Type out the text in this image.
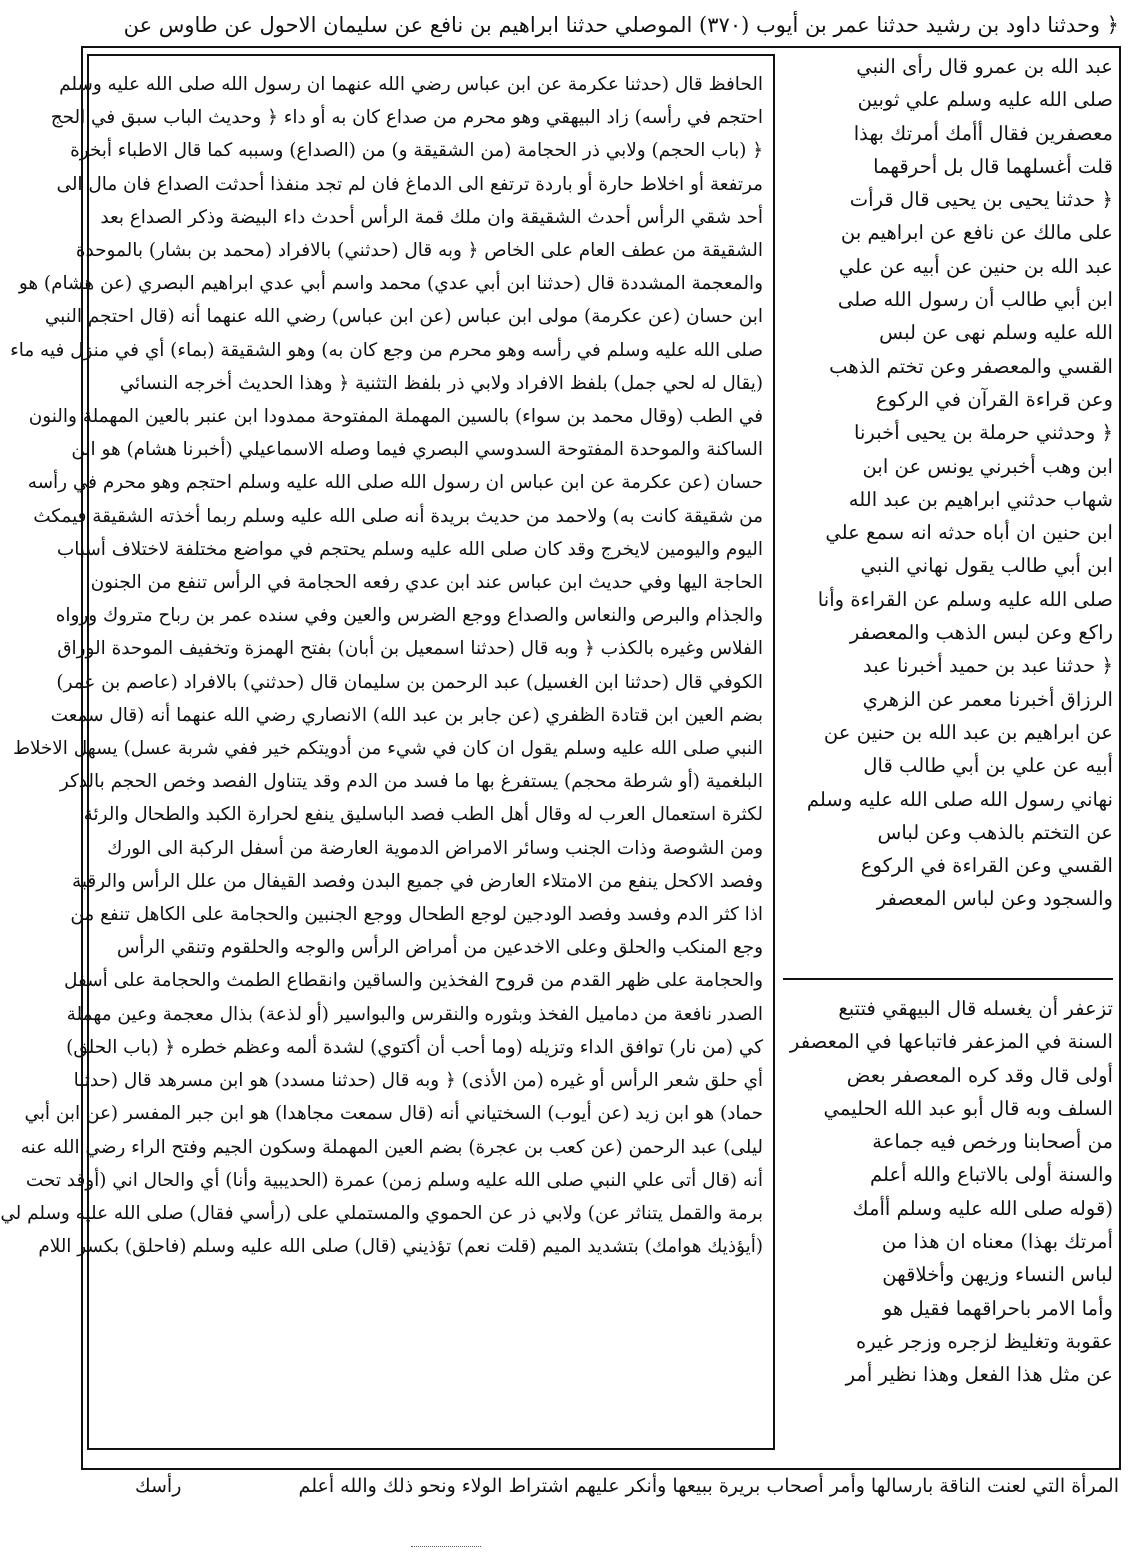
﴿ وحدثنا داود بن رشيد حدثنا عمر بن أيوب (٣٧٠) الموصلي حدثنا ابراهيم بن نافع عن سليمان الاحول عن طاوس عن

الحافظ قال (حدثنا عكرمة عن ابن عباس رضي الله عنهما ان رسول الله صلى الله عليه وسلم

احتجم في رأسه) زاد البيهقي وهو محرم من صداع كان به أو داء ﴿ وحديث الباب سبق في الحج

﴿ (باب الحجم) ولابي ذر الحجامة (من الشقيقة و) من (الصداع) وسببه كما قال الاطباء أبخرة

مرتفعة أو اخلاط حارة أو باردة ترتفع الى الدماغ فان لم تجد منفذا أحدثت الصداع فان مال الى

أحد شقي الرأس أحدث الشقيقة وان ملك قمة الرأس أحدث داء البيضة وذكر الصداع بعد

الشقيقة من عطف العام على الخاص ﴿ وبه قال (حدثني) بالافراد (محمد بن بشار) بالموحدة

والمعجمة المشددة قال (حدثنا ابن أبي عدي) محمد واسم أبي عدي ابراهيم البصري (عن هشام) هو

ابن حسان (عن عكرمة) مولى ابن عباس (عن ابن عباس) رضي الله عنهما أنه (قال احتجم النبي

صلى الله عليه وسلم في رأسه وهو محرم من وجع كان به) وهو الشقيقة (بماء) أي في منزل فيه ماء

(يقال له لحي جمل) بلفظ الافراد ولابي ذر بلفظ التثنية ﴿ وهذا الحديث أخرجه النسائي

في الطب (وقال محمد بن سواء) بالسين المهملة المفتوحة ممدودا ابن عنبر بالعين المهملة والنون

الساكنة والموحدة المفتوحة السدوسي البصري فيما وصله الاسماعيلي (أخبرنا هشام) هو ابن

حسان (عن عكرمة عن ابن عباس ان رسول الله صلى الله عليه وسلم احتجم وهو محرم في رأسه

من شقيقة كانت به) ولاحمد من حديث بريدة أنه صلى الله عليه وسلم ربما أخذته الشقيقة فيمكث

اليوم واليومين لايخرج وقد كان صلى الله عليه وسلم يحتجم في مواضع مختلفة لاختلاف أسباب

الحاجة اليها وفي حديث ابن عباس عند ابن عدي رفعه الحجامة في الرأس تنفع من الجنون

والجذام والبرص والنعاس والصداع ووجع الضرس والعين وفي سنده عمر بن رباح متروك ورواه

الفلاس وغيره بالكذب ﴿ وبه قال (حدثنا اسمعيل بن أبان) بفتح الهمزة وتخفيف الموحدة الوراق

الكوفي قال (حدثنا ابن الغسيل) عبد الرحمن بن سليمان قال (حدثني) بالافراد (عاصم بن عمر)

بضم العين ابن قتادة الظفري (عن جابر بن عبد الله) الانصاري رضي الله عنهما أنه (قال سمعت

النبي صلى الله عليه وسلم يقول ان كان في شيء من أدويتكم خير ففي شربة عسل) يسهل الاخلاط

البلغمية (أو شرطة محجم) يستفرغ بها ما فسد من الدم وقد يتناول الفصد وخص الحجم بالذكر

لكثرة استعمال العرب له وقال أهل الطب فصد الباسليق ينفع لحرارة الكبد والطحال والرئة

ومن الشوصة وذات الجنب وسائر الامراض الدموية العارضة من أسفل الركبة الى الورك

وفصد الاكحل ينفع من الامتلاء العارض في جميع البدن وفصد القيفال من علل الرأس والرقبة

اذا كثر الدم وفسد وفصد الودجين لوجع الطحال ووجع الجنبين والحجامة على الكاهل تنفع من

وجع المنكب والحلق وعلى الاخدعين من أمراض الرأس والوجه والحلقوم وتنقي الرأس

والحجامة على ظهر القدم من قروح الفخذين والساقين وانقطاع الطمث والحجامة على أسفل

الصدر نافعة من دماميل الفخذ وبثوره والنقرس والبواسير (أو لذعة) بذال معجمة وعين مهملة

كي (من نار) توافق الداء وتزيله (وما أحب أن أكتوي) لشدة ألمه وعظم خطره ﴿ (باب الحلق)

أي حلق شعر الرأس أو غيره (من الأذى) ﴿ وبه قال (حدثنا مسدد) هو ابن مسرهد قال (حدثنا

حماد) هو ابن زيد (عن أيوب) السختياني أنه (قال سمعت مجاهدا) هو ابن جبر المفسر (عن ابن أبي

ليلى) عبد الرحمن (عن كعب بن عجرة) بضم العين المهملة وسكون الجيم وفتح الراء رضي الله عنه

أنه (قال أتى علي النبي صلى الله عليه وسلم زمن) عمرة (الحديبية وأنا) أي والحال اني (أوقد تحت

برمة والقمل يتناثر عن) ولابي ذر عن الحموي والمستملي على (رأسي فقال) صلى الله عليه وسلم لي

(أيؤذيك هوامك) بتشديد الميم (قلت نعم) تؤذيني (قال) صلى الله عليه وسلم (فاحلق) بكسر اللام

عبد الله بن عمرو قال رأى النبي

صلى الله عليه وسلم علي ثوبين

معصفرين فقال أأمك أمرتك بهذا

قلت أغسلهما قال بل أحرقهما

﴿ حدثنا يحيى بن يحيى قال قرأت

على مالك عن نافع عن ابراهيم بن

عبد الله بن حنين عن أبيه عن علي

ابن أبي طالب أن رسول الله صلى

الله عليه وسلم نهى عن لبس

القسي والمعصفر وعن تختم الذهب

وعن قراءة القرآن في الركوع

﴿ وحدثني حرملة بن يحيى أخبرنا

ابن وهب أخبرني يونس عن ابن

شهاب حدثني ابراهيم بن عبد الله

ابن حنين ان أباه حدثه انه سمع علي

ابن أبي طالب يقول نهاني النبي

صلى الله عليه وسلم عن القراءة وأنا

راكع وعن لبس الذهب والمعصفر

﴿ حدثنا عبد بن حميد أخبرنا عبد

الرزاق أخبرنا معمر عن الزهري

عن ابراهيم بن عبد الله بن حنين عن

أبيه عن علي بن أبي طالب قال

نهاني رسول الله صلى الله عليه وسلم

عن التختم بالذهب وعن لباس

القسي وعن القراءة في الركوع

والسجود وعن لباس المعصفر

تزعفر أن يغسله قال البيهقي فتتبع

السنة في المزعفر فاتباعها في المعصفر

أولى قال وقد كره المعصفر بعض

السلف وبه قال أبو عبد الله الحليمي

من أصحابنا ورخص فيه جماعة

والسنة أولى بالاتباع والله أعلم

(قوله صلى الله عليه وسلم أأمك

أمرتك بهذا) معناه ان هذا من

لباس النساء وزيهن وأخلاقهن

وأما الامر باحراقهما فقيل هو

عقوبة وتغليظ لزجره وزجر غيره

عن مثل هذا الفعل وهذا نظير أمر

المرأة التي لعنت الناقة بارسالها وأمر أصحاب بريرة ببيعها وأنكر عليهم اشتراط الولاء ونحو ذلك والله أعلم
رأسك
